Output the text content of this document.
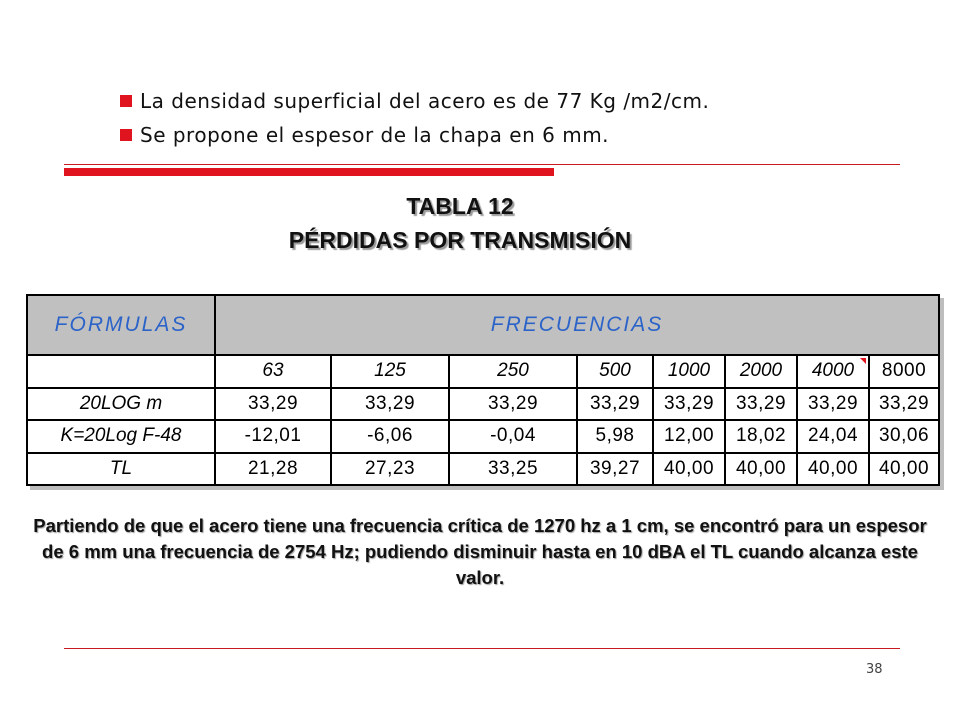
La densidad superficial del acero es de 77 Kg /m2/cm.
Se propone el espesor de la chapa en 6 mm.
TABLA 12
PÉRDIDAS POR TRANSMISIÓN
FÓRMULAS	FRECUENCIAS							
	63	125	250	500	1000	2000	4000	8000
20LOG m	33,29	33,29	33,29	33,29	33,29	33,29	33,29	33,29
K=20Log F-48	-12,01	-6,06	-0,04	5,98	12,00	18,02	24,04	30,06
TL	21,28	27,23	33,25	39,27	40,00	40,00	40,00	40,00
Partiendo de que el acero tiene una frecuencia crítica de 1270 hz a 1 cm, se encontró para un espesor de 6 mm una frecuencia de 2754 Hz; pudiendo disminuir hasta en 10 dBA el TL cuando alcanza este valor.
38
